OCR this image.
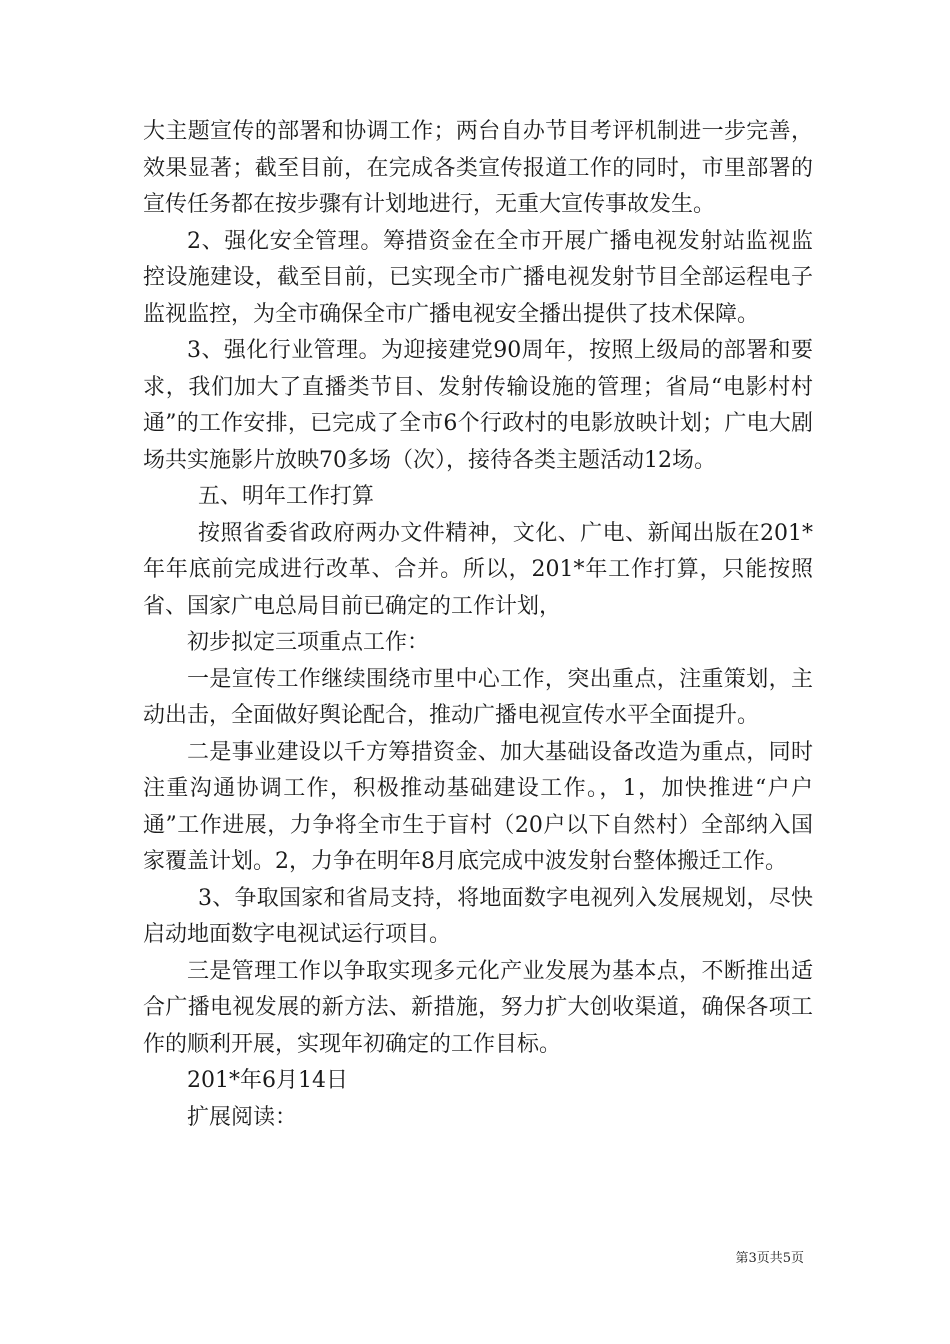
大主题宣传的部署和协调工作；两台自办节目考评机制进一步完善，效果显著；截至目前，在完成各类宣传报道工作的同时，市里部署的宣传任务都在按步骤有计划地进行，无重大宣传事故发生。

2、强化安全管理。筹措资金在全市开展广播电视发射站监视监控设施建设，截至目前，已实现全市广播电视发射节目全部运程电子监视监控，为全市确保全市广播电视安全播出提供了技术保障。

3、强化行业管理。为迎接建党90周年，按照上级局的部署和要求，我们加大了直播类节目、发射传输设施的管理；省局“电影村村通”的工作安排，已完成了全市6个行政村的电影放映计划；广电大剧场共实施影片放映70多场（次），接待各类主题活动12场。

五、明年工作打算

按照省委省政府两办文件精神，文化、广电、新闻出版在201*年年底前完成进行改革、合并。所以，201*年工作打算，只能按照省、国家广电总局目前已确定的工作计划，

初步拟定三项重点工作：

一是宣传工作继续围绕市里中心工作，突出重点，注重策划，主动出击，全面做好舆论配合，推动广播电视宣传水平全面提升。

二是事业建设以千方筹措资金、加大基础设备改造为重点，同时注重沟通协调工作，积极推动基础建设工作。，1，加快推进“户户通”工作进展，力争将全市生于盲村（20户以下自然村）全部纳入国家覆盖计划。2，力争在明年8月底完成中波发射台整体搬迁工作。

3、争取国家和省局支持，将地面数字电视列入发展规划，尽快启动地面数字电视试运行项目。

三是管理工作以争取实现多元化产业发展为基本点，不断推出适合广播电视发展的新方法、新措施，努力扩大创收渠道，确保各项工作的顺利开展，实现年初确定的工作目标。

201*年6月14日

扩展阅读：

第3页共5页
